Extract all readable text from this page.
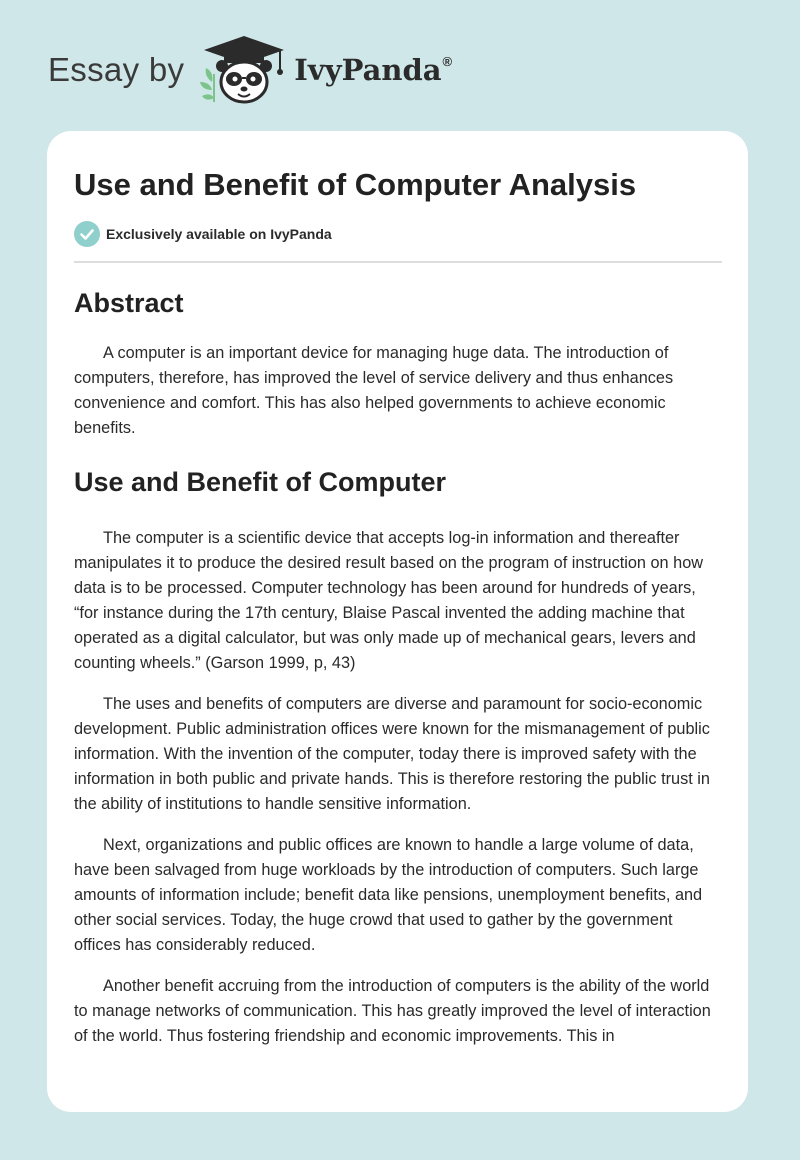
Essay by	IvyPanda®
Use and Benefit of Computer Analysis
Exclusively available on IvyPanda
Abstract

A computer is an important device for managing huge data. The introduction of computers, therefore, has improved the level of service delivery and thus enhances convenience and comfort. This has also helped governments to achieve economic benefits.

Use and Benefit of Computer

The computer is a scientific device that accepts log-in information and thereafter manipulates it to produce the desired result based on the program of instruction on how data is to be processed. Computer technology has been around for hundreds of years, “for instance during the 17th century, Blaise Pascal invented the adding machine that operated as a digital calculator, but was only made up of mechanical gears, levers and counting wheels.” (Garson 1999, p, 43)

The uses and benefits of computers are diverse and paramount for socio-economic development. Public administration offices were known for the mismanagement of public information. With the invention of the computer, today there is improved safety with the information in both public and private hands. This is therefore restoring the public trust in the ability of institutions to handle sensitive information.

Next, organizations and public offices are known to handle a large volume of data, have been salvaged from huge workloads by the introduction of computers. Such large amounts of information include; benefit data like pensions, unemployment benefits, and other social services. Today, the huge crowd that used to gather by the government offices has considerably reduced.

Another benefit accruing from the introduction of computers is the ability of the world to manage networks of communication. This has greatly improved the level of interaction of the world. Thus fostering friendship and economic improvements. This in
